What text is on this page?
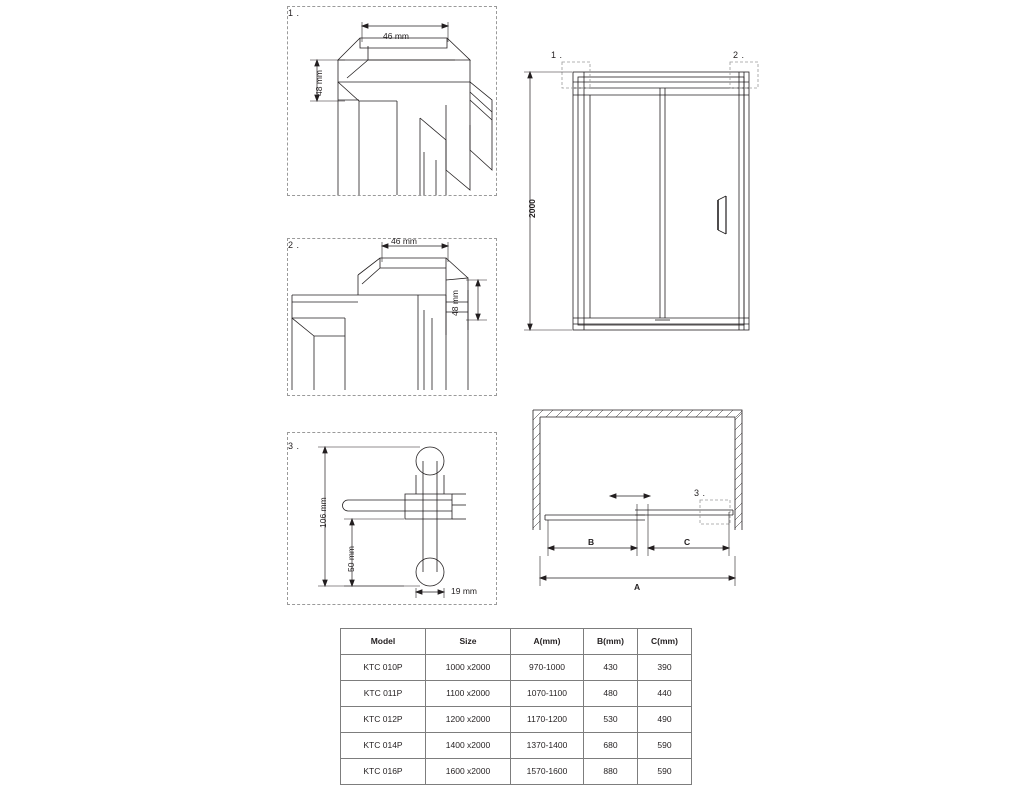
1 .
2 .
3 .
46 mm
48 mm
46 mm
48 mm
106 mm
50 mm
19 mm
1 .	2 .
2000
3 .
B	C
A
Model	Size	A(mm)	B(mm)	C(mm)
KTC 010P	1000 x2000	970-1000	430	390
KTC 011P	1100 x2000	1070-1100	480	440
KTC 012P	1200 x2000	1170-1200	530	490
KTC 014P	1400 x2000	1370-1400	680	590
KTC 016P	1600 x2000	1570-1600	880	590
